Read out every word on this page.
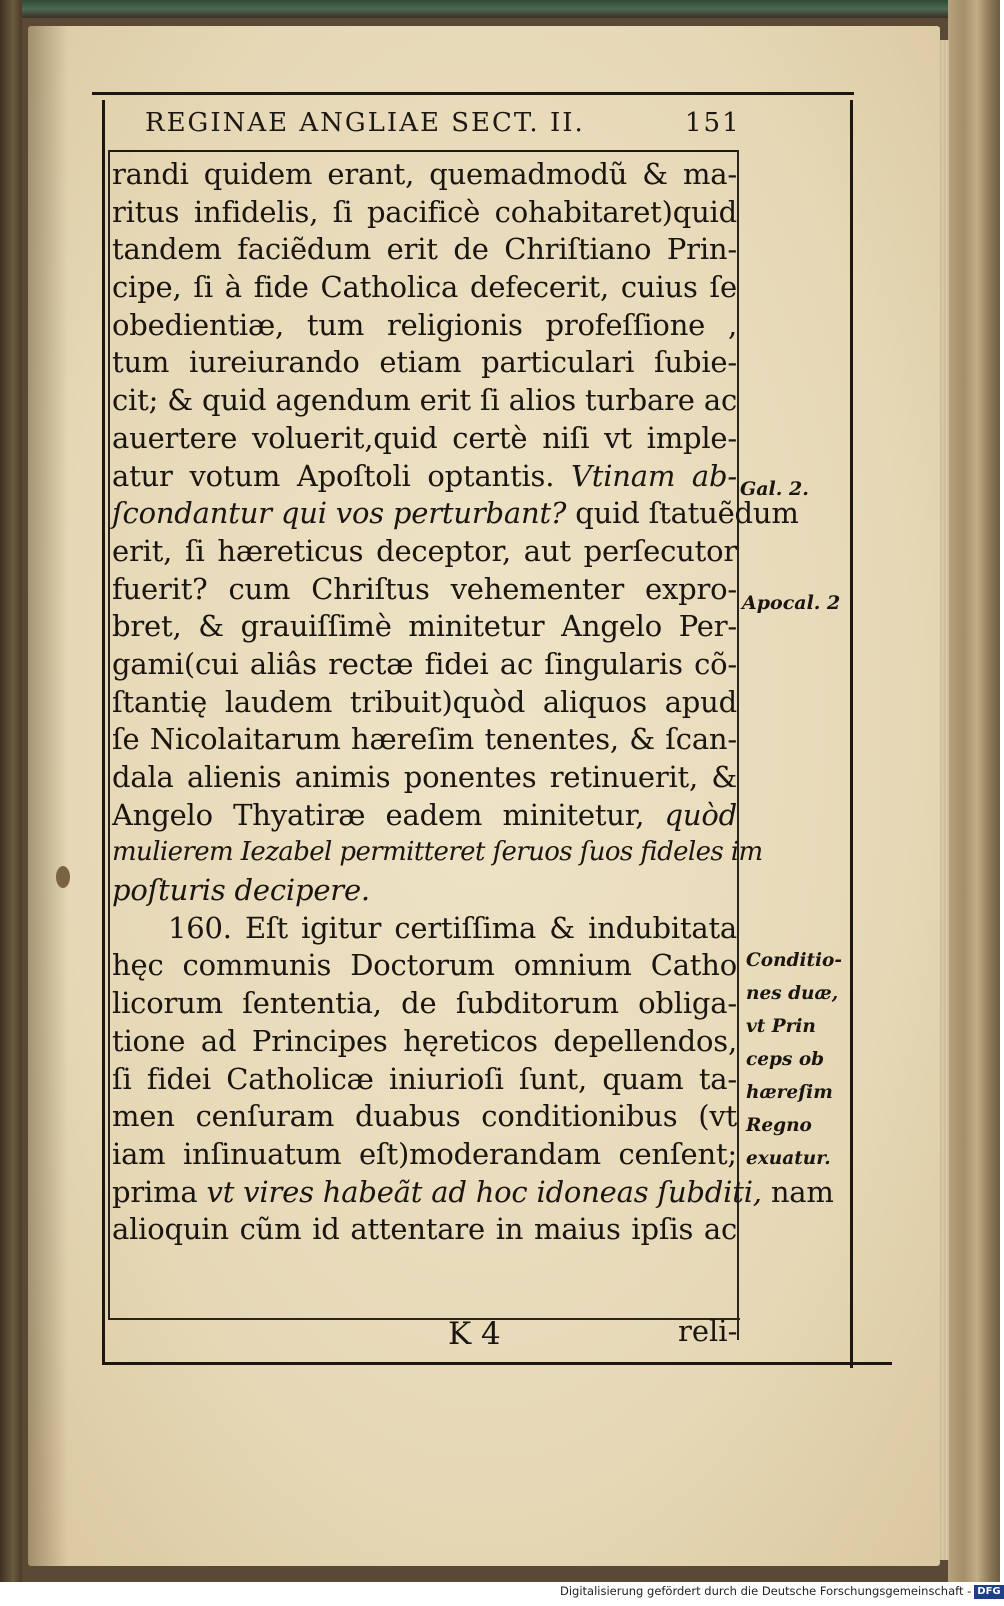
REGINAE ANGLIAE SECT. II.	151
randi quidem erant, quemadmodũ & ma-
ritus infidelis, ſi pacificè cohabitaret)quid
tandem faciẽdum erit de Chriſtiano Prin-
cipe, ſi à fide Catholica defecerit, cuius ſe
obedientiæ, tum religionis profeſſione ,
tum iureiurando etiam particulari ſubie-
cit; & quid agendum erit ſi alios turbare ac
auertere voluerit,quid certè niſi vt imple-
atur votum Apoſtoli optantis. Vtinam ab-
ſcondantur qui vos perturbant? quid ſtatuẽdum
erit, ſi hæreticus deceptor, aut perſecutor
fuerit? cum Chriſtus vehementer expro-
bret, & grauiſſimè minitetur Angelo Per-
gami(cui aliâs rectæ fidei ac ſingularis cõ-
ſtantię laudem tribuit)quòd aliquos apud
ſe Nicolaitarum hæreſim tenentes, & ſcan-
dala alienis animis ponentes retinuerit, &
Angelo Thyatiræ eadem minitetur, quòd
mulierem Iezabel permitteret ſeruos ſuos fideles im
poſturis decipere.
160. Eſt igitur certiſſima & indubitata
hęc communis Doctorum omnium Catho
licorum ſententia, de ſubditorum obliga-
tione ad Principes hęreticos depellendos,
ſi fidei Catholicæ iniurioſi ſunt, quam ta-
men cenſuram duabus conditionibus (vt
iam inſinuatum eſt)moderandam cenſent;
prima vt vires habeãt ad hoc idoneas ſubditi, nam
alioquin cũm id attentare in maius ipſis ac
Gal. 2.
Apocal. 2
Conditio-
nes duæ,
vt Prin
ceps ob
hæreſim
Regno
exuatur.
K 4	reli-
Digitalisierung gefördert durch die Deutsche Forschungsgemeinschaft - DFG
